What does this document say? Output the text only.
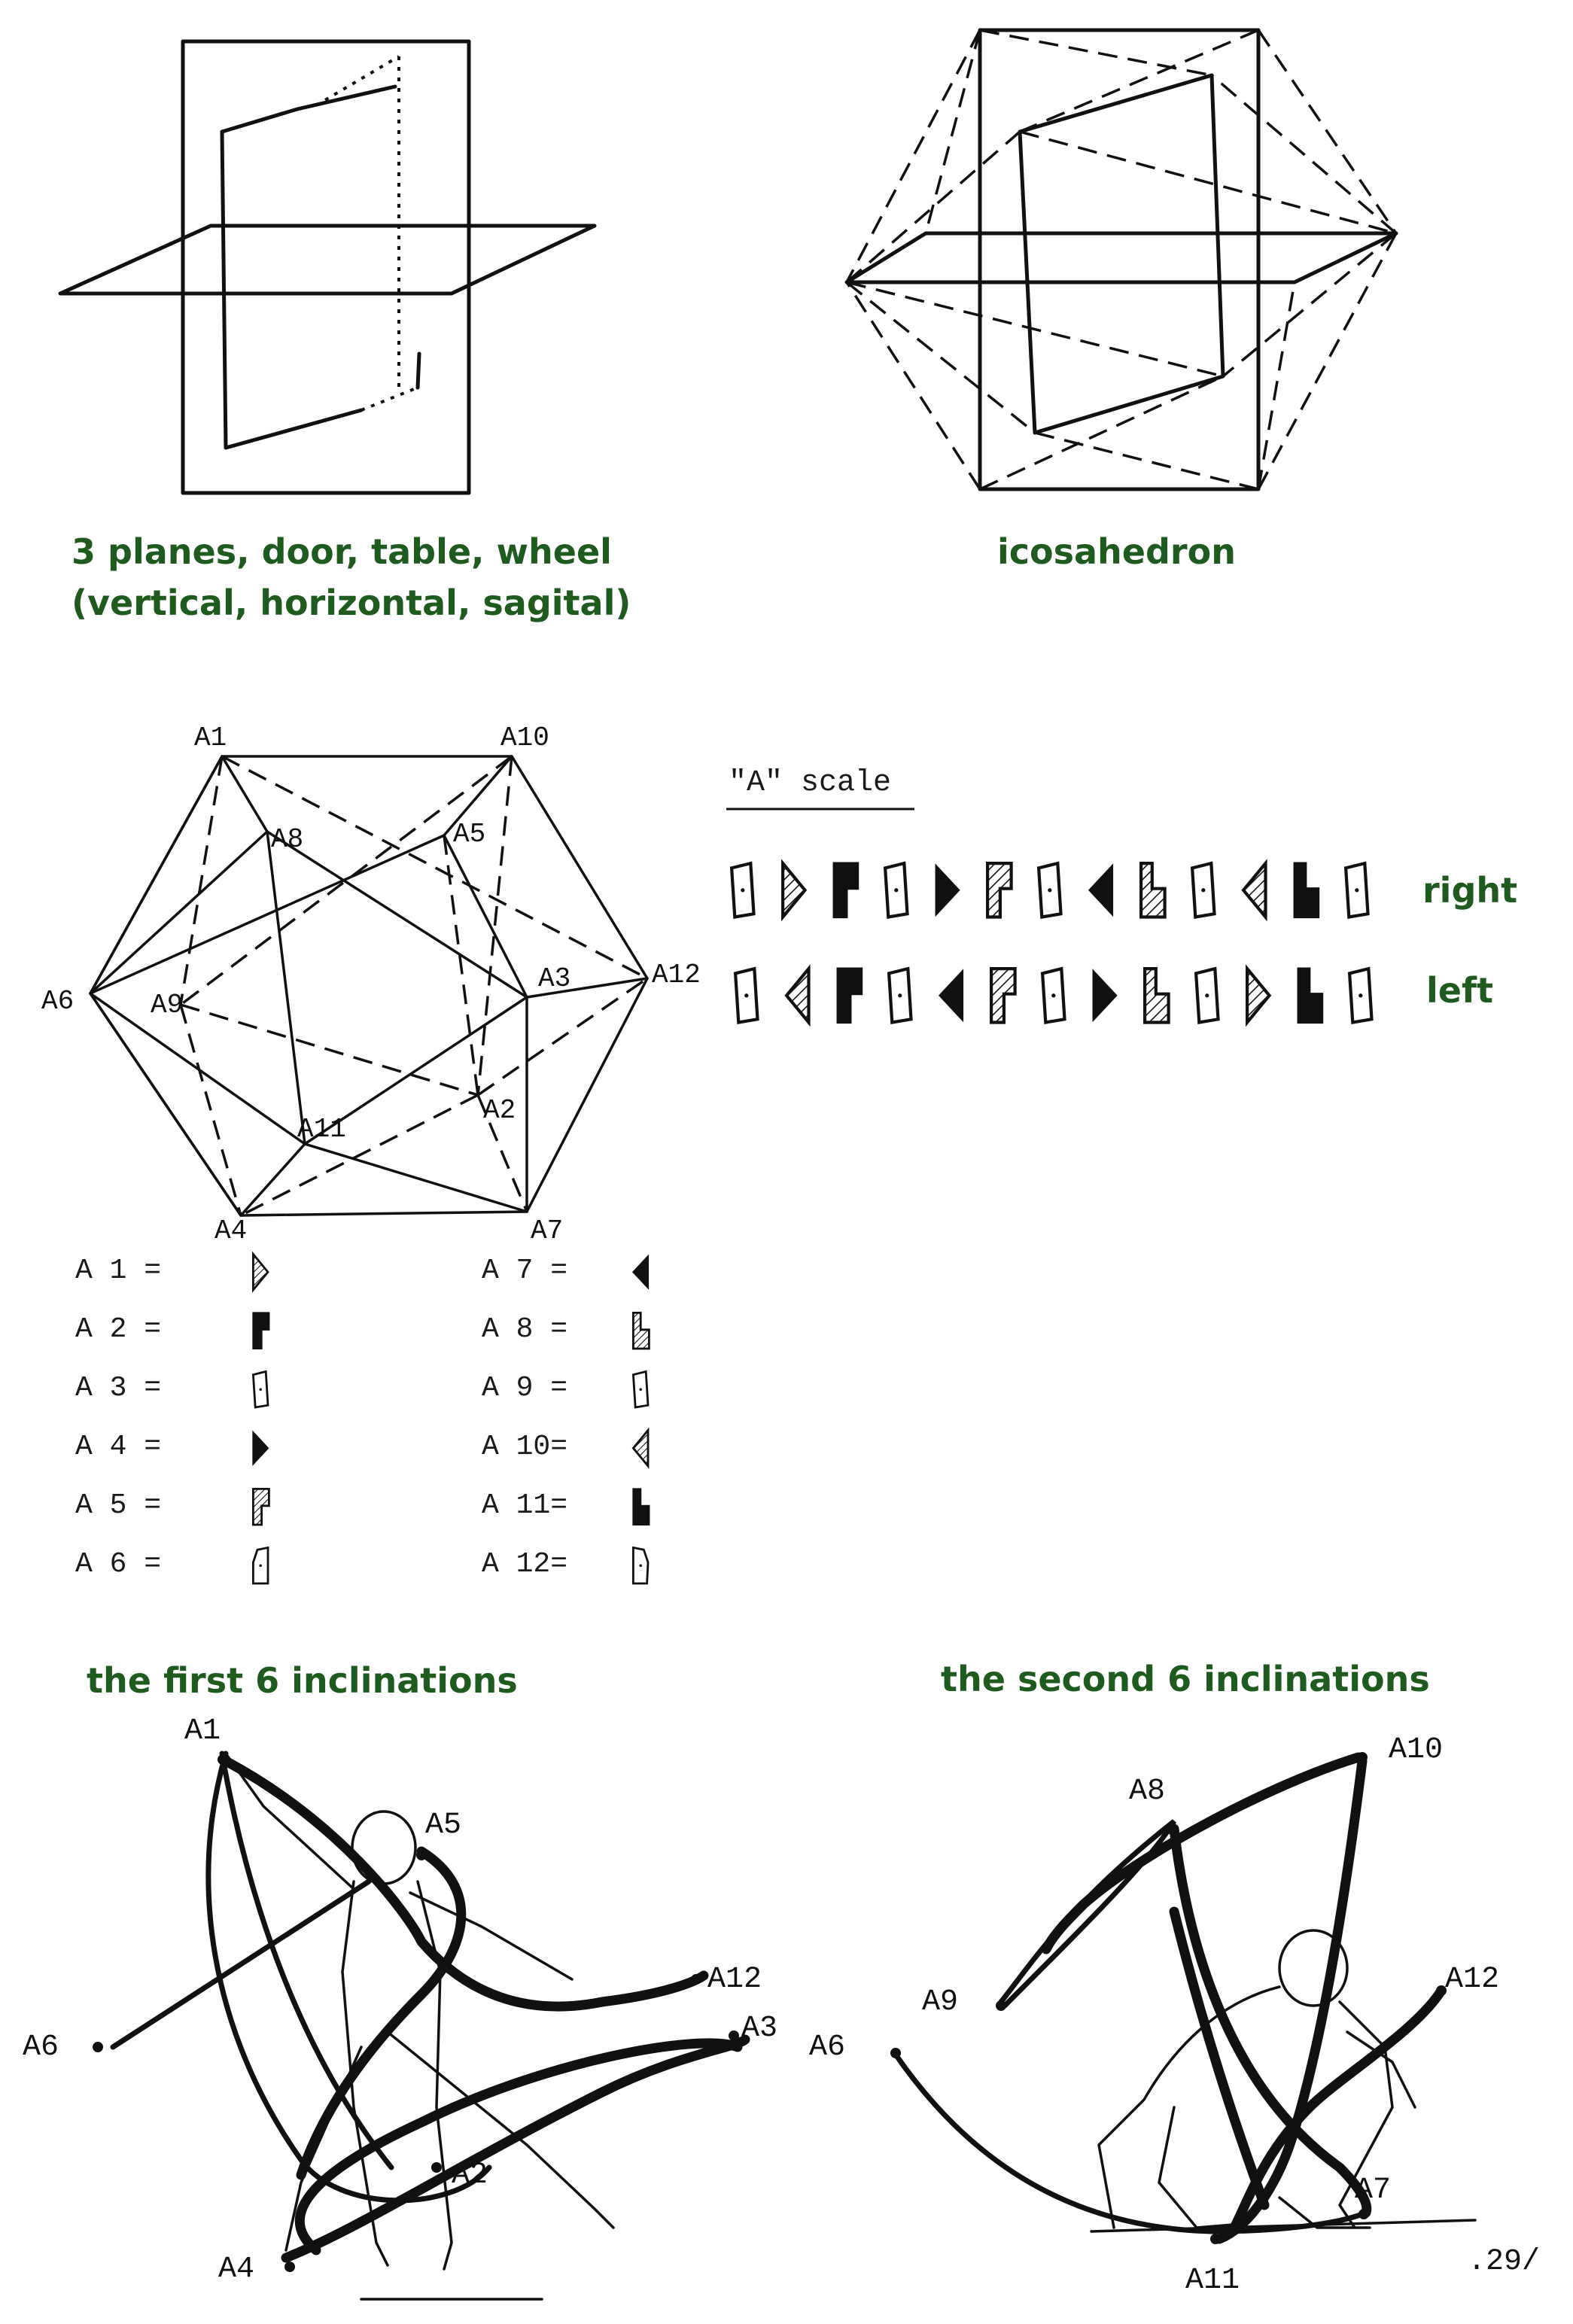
A1	A10
A8	A5
A6	A9
A3	A12
A2
A11
A4	A7
A1
A5
A12
A6
A3
A2
A4
A10
A8
A12
A9
A6
A7
A11
.29/
3 planes, door, table, wheel
(vertical, horizontal, sagital)
icosahedron
"A" scale
right
left
A 1 =
A 2 =
A 3 =
A 4 =
A 5 =
A 6 =
A 7 =
A 8 =
A 9 =
A 10=
A 11=
A 12=
the first 6 inclinations	the second 6 inclinations
